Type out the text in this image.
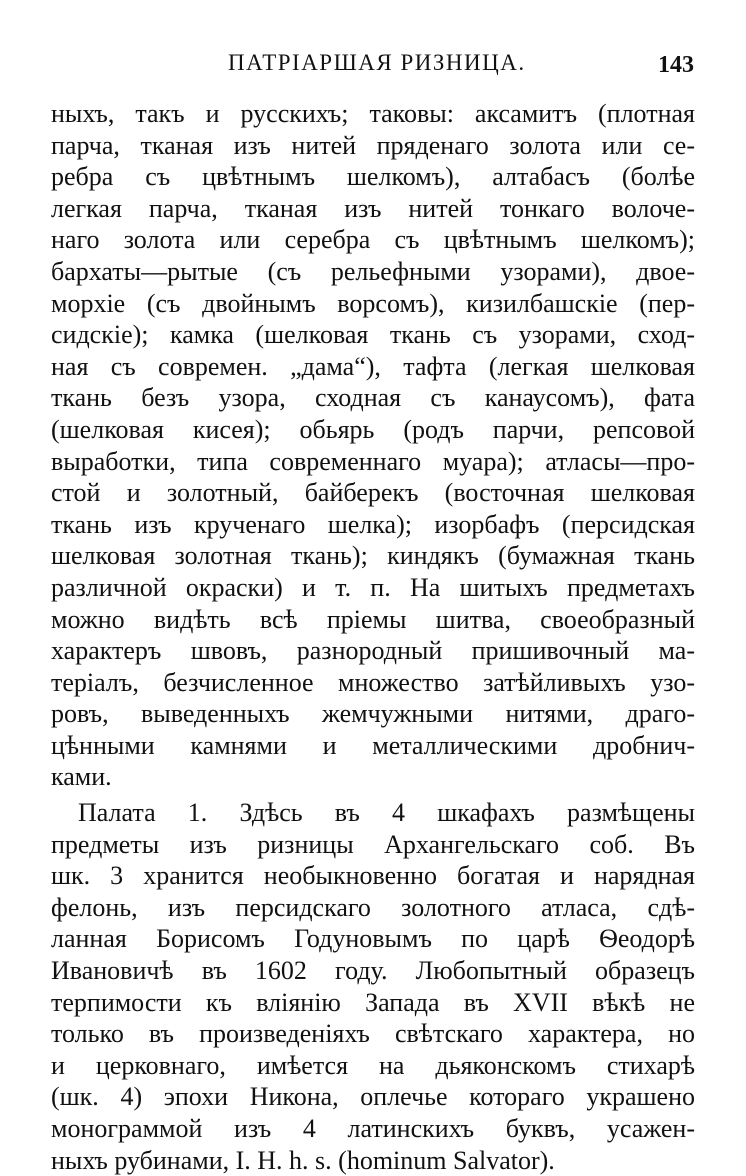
ПАТРІАРШАЯ РИЗНИЦА.	143
ныхъ, такъ и русскихъ; таковы: аксамитъ (плотная
парча, тканая изъ нитей пряденаго золота или се-
ребра съ цвѣтнымъ шелкомъ), алтабасъ (болѣе
легкая парча, тканая изъ нитей тонкаго волоче-
наго золота или серебра съ цвѣтнымъ шелкомъ);
бархаты—рытые (съ рельефными узорами), двое-
морхіе (съ двойнымъ ворсомъ), кизилбашскіе (пер-
сидскіе); камка (шелковая ткань съ узорами, сход-
ная съ современ. „дама“), тафта (легкая шелковая
ткань безъ узора, сходная съ канаусомъ), фата
(шелковая кисея); обьярь (родъ парчи, репсовой
выработки, типа современнаго муара); атласы—про-
стой и золотный, байберекъ (восточная шелковая
ткань изъ крученаго шелка); изорбафъ (персидская
шелковая золотная ткань); киндякъ (бумажная ткань
различной окраски) и т. п. На шитыхъ предметахъ
можно видѣть всѣ пріемы шитва, своеобразный
характеръ швовъ, разнородный пришивочный ма-
теріалъ, безчисленное множество затѣйливыхъ узо-
ровъ, выведенныхъ жемчужными нитями, драго-
цѣнными камнями и металлическими дробнич-
ками.
Палата 1. Здѣсь въ 4 шкафахъ размѣщены
предметы изъ ризницы Архангельскаго соб. Въ
шк. 3 хранится необыкновенно богатая и нарядная
фелонь, изъ персидскаго золотного атласа, сдѣ-
ланная Борисомъ Годуновымъ по царѣ Ѳеодорѣ
Ивановичѣ въ 1602 году. Любопытный образецъ
терпимости къ вліянію Запада въ XVII вѣкѣ не
только въ произведеніяхъ свѣтскаго характера, но
и церковнаго, имѣется на дьяконскомъ стихарѣ
(шк. 4) эпохи Никона, оплечье котораго украшено
монограммой изъ 4 латинскихъ буквъ, усажен-
ныхъ рубинами, I. H. h. s. (hominum Salvator).
